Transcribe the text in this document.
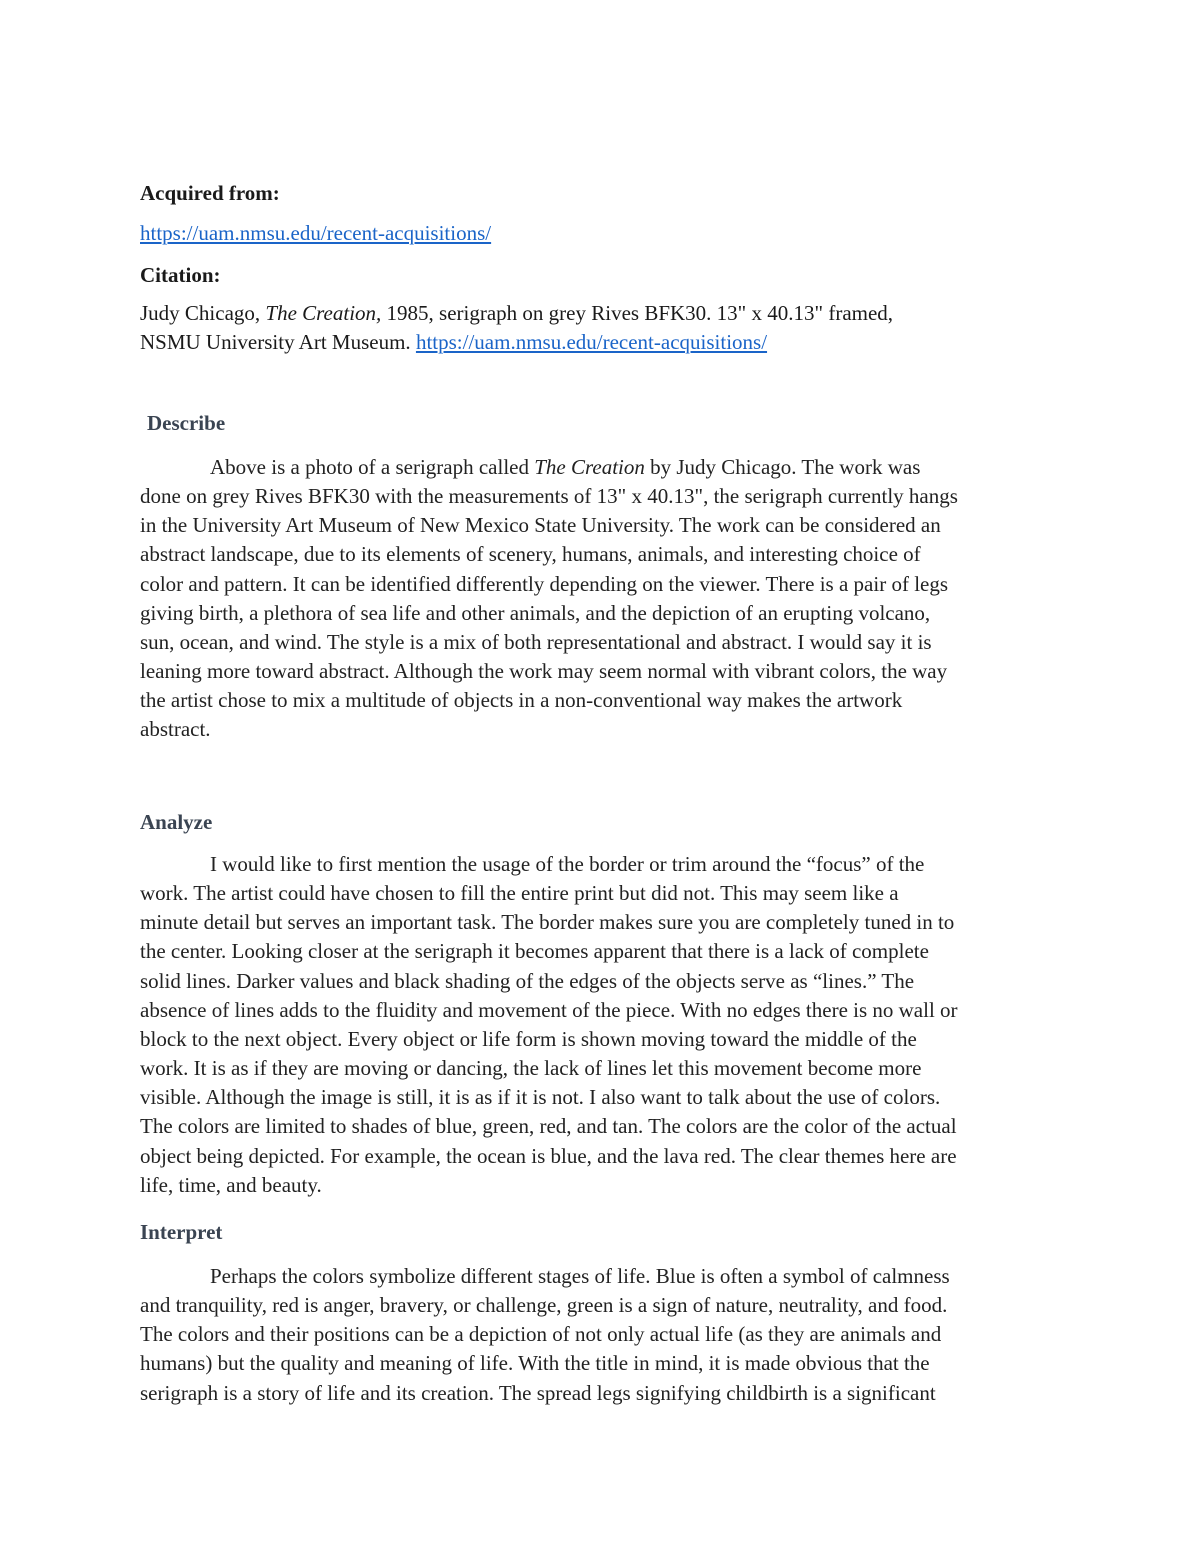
Acquired from:

https://uam.nmsu.edu/recent-acquisitions/

Citation:

Judy Chicago, The Creation, 1985, serigraph on grey Rives BFK30. 13" x 40.13" framed,
NSMU University Art Museum. https://uam.nmsu.edu/recent-acquisitions/

Describe

Above is a photo of a serigraph called The Creation by Judy Chicago. The work was
done on grey Rives BFK30 with the measurements of 13" x 40.13", the serigraph currently hangs
in the University Art Museum of New Mexico State University. The work can be considered an
abstract landscape, due to its elements of scenery, humans, animals, and interesting choice of
color and pattern. It can be identified differently depending on the viewer. There is a pair of legs
giving birth, a plethora of sea life and other animals, and the depiction of an erupting volcano,
sun, ocean, and wind. The style is a mix of both representational and abstract. I would say it is
leaning more toward abstract. Although the work may seem normal with vibrant colors, the way
the artist chose to mix a multitude of objects in a non-conventional way makes the artwork
abstract.

Analyze

I would like to first mention the usage of the border or trim around the “focus” of the
work. The artist could have chosen to fill the entire print but did not. This may seem like a
minute detail but serves an important task. The border makes sure you are completely tuned in to
the center. Looking closer at the serigraph it becomes apparent that there is a lack of complete
solid lines. Darker values and black shading of the edges of the objects serve as “lines.” The
absence of lines adds to the fluidity and movement of the piece. With no edges there is no wall or
block to the next object. Every object or life form is shown moving toward the middle of the
work. It is as if they are moving or dancing, the lack of lines let this movement become more
visible. Although the image is still, it is as if it is not. I also want to talk about the use of colors.
The colors are limited to shades of blue, green, red, and tan. The colors are the color of the actual
object being depicted. For example, the ocean is blue, and the lava red. The clear themes here are
life, time, and beauty.

Interpret

Perhaps the colors symbolize different stages of life. Blue is often a symbol of calmness
and tranquility, red is anger, bravery, or challenge, green is a sign of nature, neutrality, and food.
The colors and their positions can be a depiction of not only actual life (as they are animals and
humans) but the quality and meaning of life. With the title in mind, it is made obvious that the
serigraph is a story of life and its creation. The spread legs signifying childbirth is a significant
